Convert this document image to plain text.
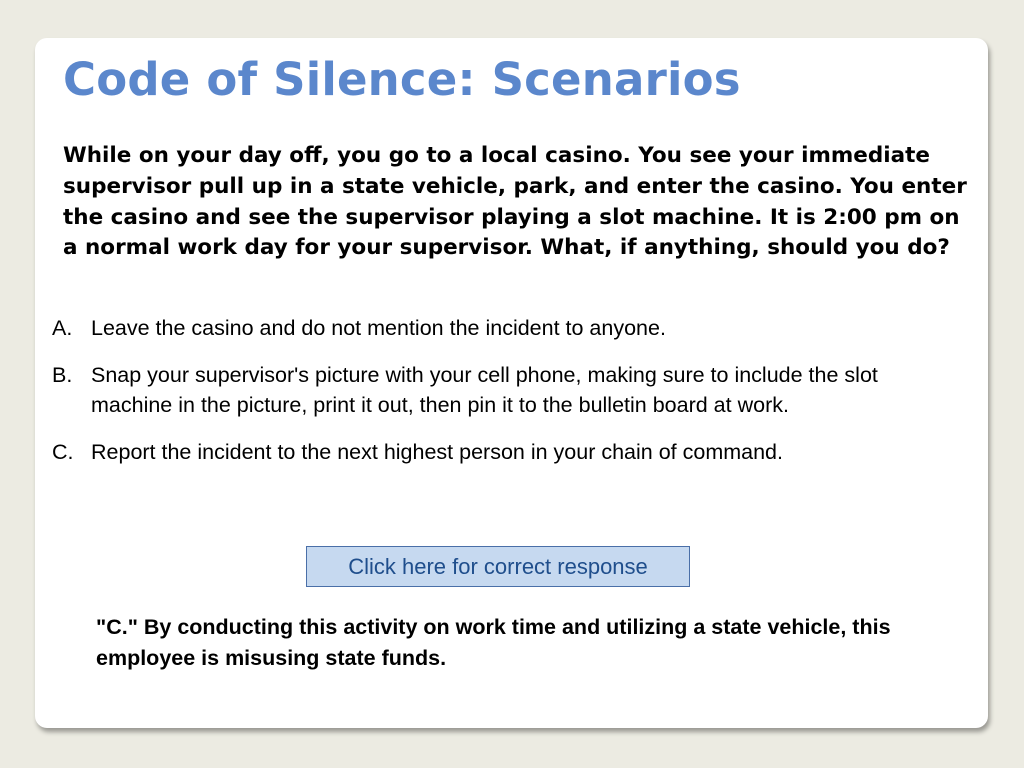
Code of Silence: Scenarios

While on your day off, you go to a local casino. You see your immediate supervisor pull up in a state vehicle, park, and enter the casino. You enter the casino and see the supervisor playing a slot machine. It is 2:00 pm on a normal work day for your supervisor. What, if anything, should you do?

A. Leave the casino and do not mention the incident to anyone.
B. Snap your supervisor's picture with your cell phone, making sure to include the slot machine in the picture, print it out, then pin it to the bulletin board at work.
C. Report the incident to the next highest person in your chain of command.
Click here for correct response

"C." By conducting this activity on work time and utilizing a state vehicle, this employee is misusing state funds.
